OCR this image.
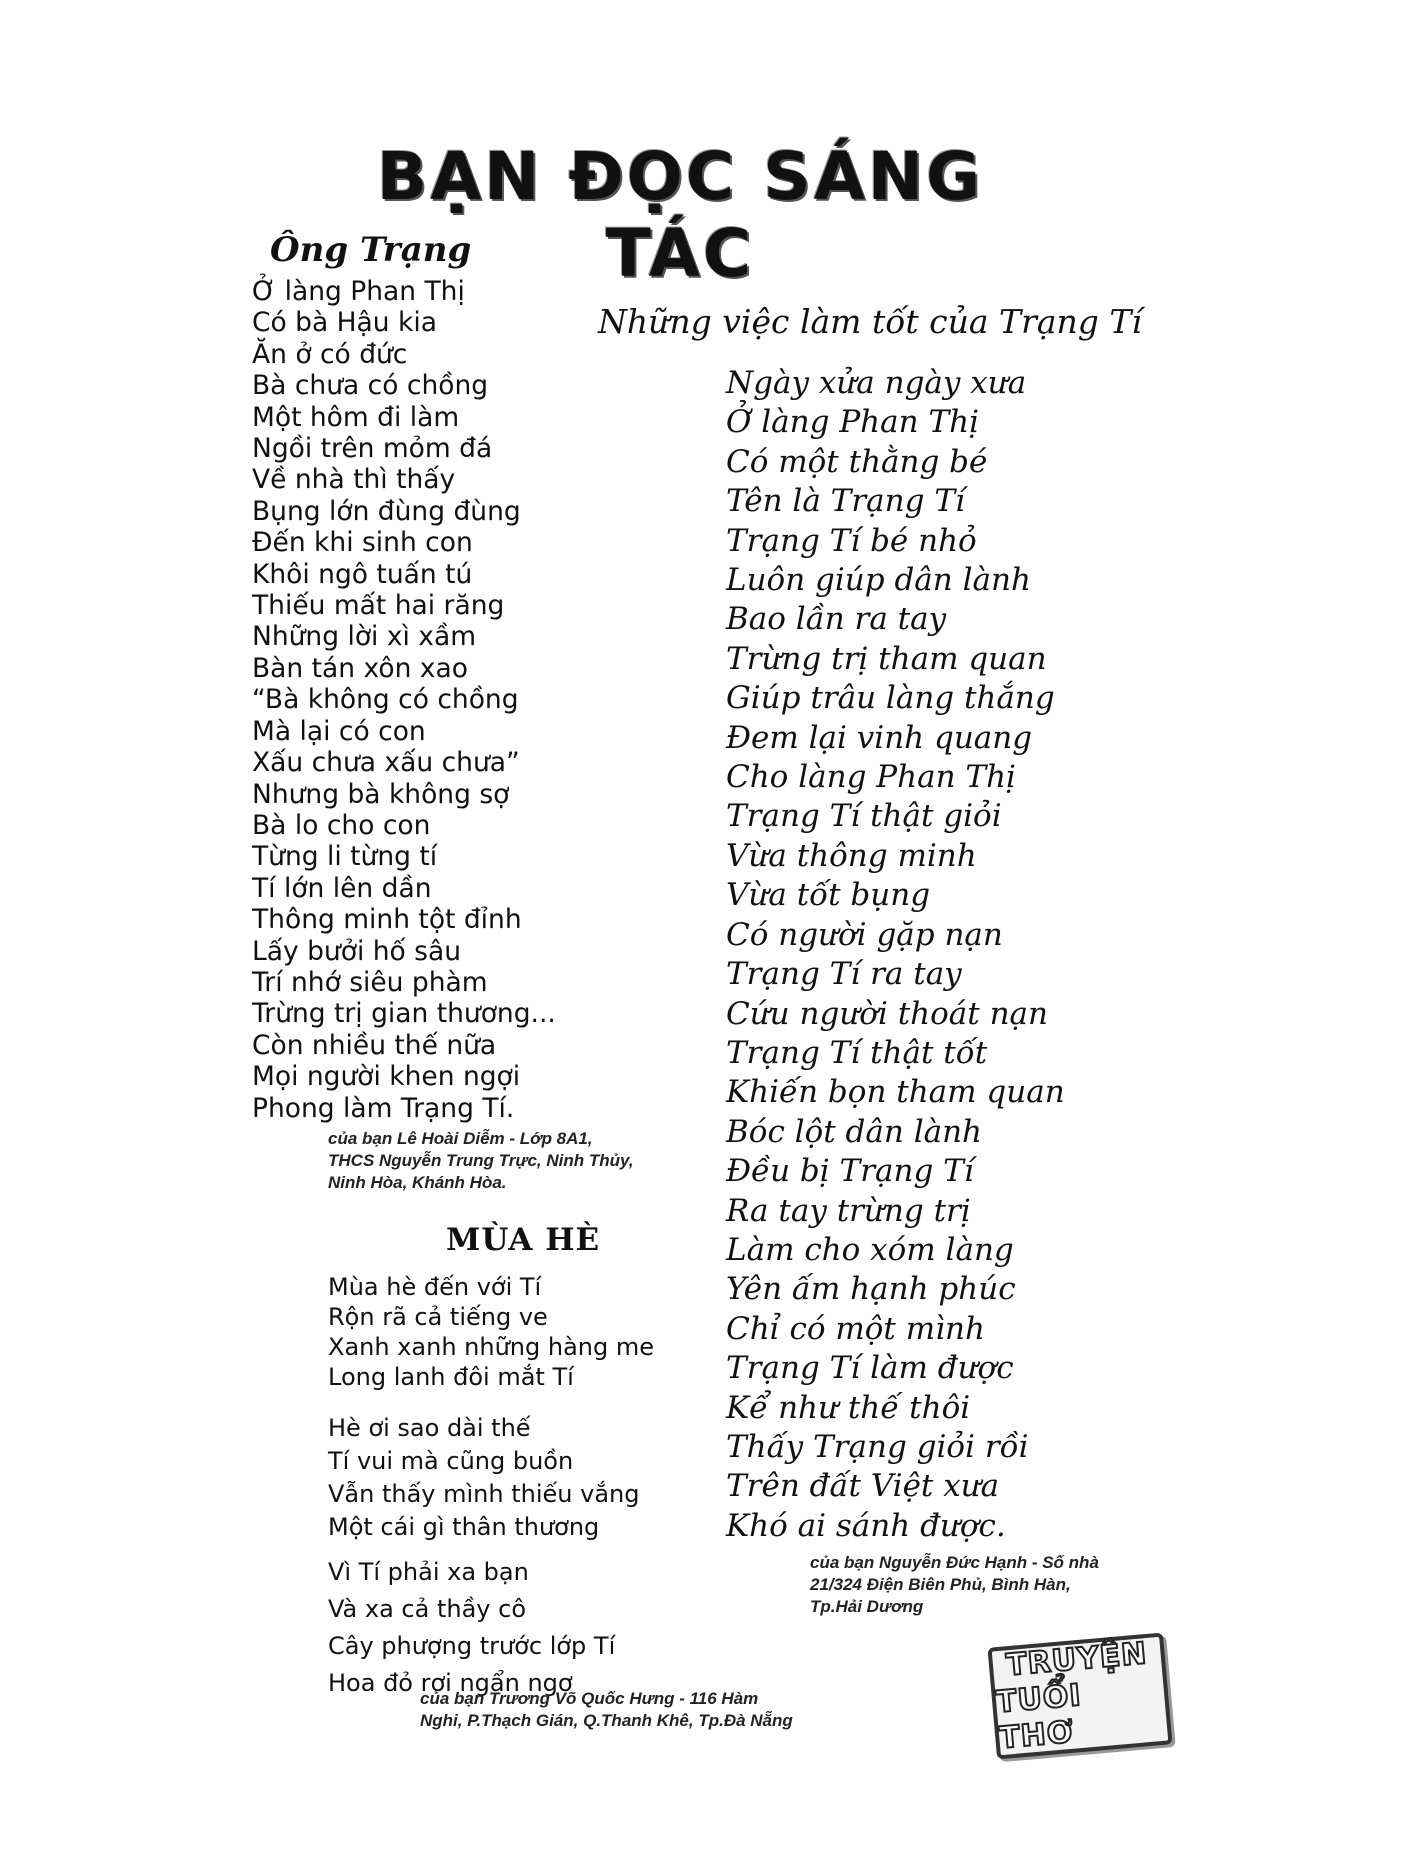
BẠN ĐỌC SÁNG TÁC
Ông Trạng
Ở làng Phan Thị
Có bà Hậu kia
Ăn ở có đức
Bà chưa có chồng
Một hôm đi làm
Ngồi trên mỏm đá
Về nhà thì thấy
Bụng lớn đùng đùng
Đến khi sinh con
Khôi ngô tuấn tú
Thiếu mất hai răng
Những lời xì xầm
Bàn tán xôn xao
“Bà không có chồng
Mà lại có con
Xấu chưa xấu chưa”
Nhưng bà không sợ
Bà lo cho con
Từng li từng tí
Tí lớn lên dần
Thông minh tột đỉnh
Lấy bưởi hố sâu
Trí nhớ siêu phàm
Trừng trị gian thương...
Còn nhiều thế nữa
Mọi người khen ngợi
Phong làm Trạng Tí.
của bạn Lê Hoài Diễm - Lớp 8A1,
THCS Nguyễn Trung Trực, Ninh Thủy,
Ninh Hòa, Khánh Hòa.
MÙA HÈ
Mùa hè đến với Tí
Rộn rã cả tiếng ve
Xanh xanh những hàng me
Long lanh đôi mắt Tí
Hè ơi sao dài thế
Tí vui mà cũng buồn
Vẫn thấy mình thiếu vắng
Một cái gì thân thương
Vì Tí phải xa bạn
Và xa cả thầy cô
Cây phượng trước lớp Tí
Hoa đỏ rơi ngẩn ngơ
của bạn Trương Võ Quốc Hưng - 116 Hàm
Nghi, P.Thạch Gián, Q.Thanh Khê, Tp.Đà Nẵng
Những việc làm tốt của Trạng Tí
Ngày xửa ngày xưa
Ở làng Phan Thị
Có một thằng bé
Tên là Trạng Tí
Trạng Tí bé nhỏ
Luôn giúp dân lành
Bao lần ra tay
Trừng trị tham quan
Giúp trâu làng thắng
Đem lại vinh quang
Cho làng Phan Thị
Trạng Tí thật giỏi
Vừa thông minh
Vừa tốt bụng
Có người gặp nạn
Trạng Tí ra tay
Cứu người thoát nạn
Trạng Tí thật tốt
Khiến bọn tham quan
Bóc lột dân lành
Đều bị Trạng Tí
Ra tay trừng trị
Làm cho xóm làng
Yên ấm hạnh phúc
Chỉ có một mình
Trạng Tí làm được
Kể như thế thôi
Thấy Trạng giỏi rồi
Trên đất Việt xưa
Khó ai sánh được.
của bạn Nguyễn Đức Hạnh - Số nhà
21/324 Điện Biên Phủ, Bình Hàn,
Tp.Hải Dương
TRUYỆN
TUỔI THƠ
